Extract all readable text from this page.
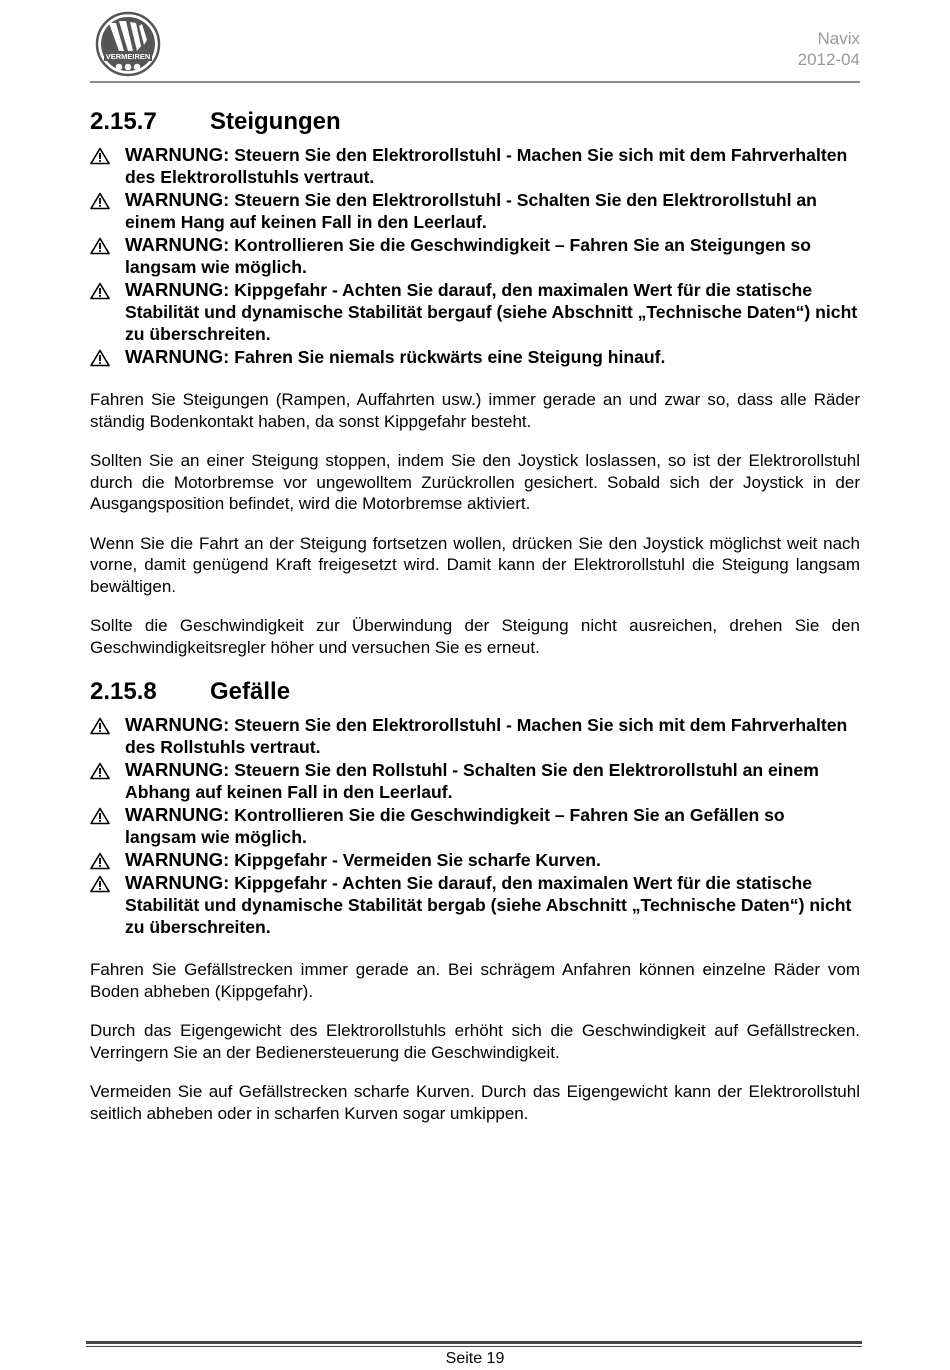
VERMEIREN
Navix
2012-04
2.15.7	Steigungen
WARNUNG: Steuern Sie den Elektrorollstuhl - Machen Sie sich mit dem Fahrverhalten des Elektrorollstuhls vertraut.
WARNUNG: Steuern Sie den Elektrorollstuhl - Schalten Sie den Elektrorollstuhl an einem Hang auf keinen Fall in den Leerlauf.
WARNUNG: Kontrollieren Sie die Geschwindigkeit – Fahren Sie an Steigungen so langsam wie möglich.
WARNUNG: Kippgefahr - Achten Sie darauf, den maximalen Wert für die statische Stabilität und dynamische Stabilität bergauf (siehe Abschnitt „Technische Daten“) nicht zu überschreiten.
WARNUNG: Fahren Sie niemals rückwärts eine Steigung hinauf.

Fahren Sie Steigungen (Rampen, Auffahrten usw.) immer gerade an und zwar so, dass alle Räder ständig Bodenkontakt haben, da sonst Kippgefahr besteht.

Sollten Sie an einer Steigung stoppen, indem Sie den Joystick loslassen, so ist der Elektrorollstuhl durch die Motorbremse vor ungewolltem Zurückrollen gesichert. Sobald sich der Joystick in der Ausgangsposition befindet, wird die Motorbremse aktiviert.

Wenn Sie die Fahrt an der Steigung fortsetzen wollen, drücken Sie den Joystick möglichst weit nach vorne, damit genügend Kraft freigesetzt wird. Damit kann der Elektrorollstuhl die Steigung langsam bewältigen.

Sollte die Geschwindigkeit zur Überwindung der Steigung nicht ausreichen, drehen Sie den Geschwindigkeitsregler höher und versuchen Sie es erneut.

2.15.8	Gefälle
WARNUNG: Steuern Sie den Elektrorollstuhl - Machen Sie sich mit dem Fahrverhalten des Rollstuhls vertraut.
WARNUNG: Steuern Sie den Rollstuhl - Schalten Sie den Elektrorollstuhl an einem Abhang auf keinen Fall in den Leerlauf.
WARNUNG: Kontrollieren Sie die Geschwindigkeit – Fahren Sie an Gefällen so langsam wie möglich.
WARNUNG: Kippgefahr - Vermeiden Sie scharfe Kurven.
WARNUNG: Kippgefahr - Achten Sie darauf, den maximalen Wert für die statische Stabilität und dynamische Stabilität bergab (siehe Abschnitt „Technische Daten“) nicht zu überschreiten.

Fahren Sie Gefällstrecken immer gerade an. Bei schrägem Anfahren können einzelne Räder vom Boden abheben (Kippgefahr).

Durch das Eigengewicht des Elektrorollstuhls erhöht sich die Geschwindigkeit auf Gefällstrecken. Verringern Sie an der Bedienersteuerung die Geschwindigkeit.

Vermeiden Sie auf Gefällstrecken scharfe Kurven. Durch das Eigengewicht kann der Elektrorollstuhl seitlich abheben oder in scharfen Kurven sogar umkippen.

Seite 19
